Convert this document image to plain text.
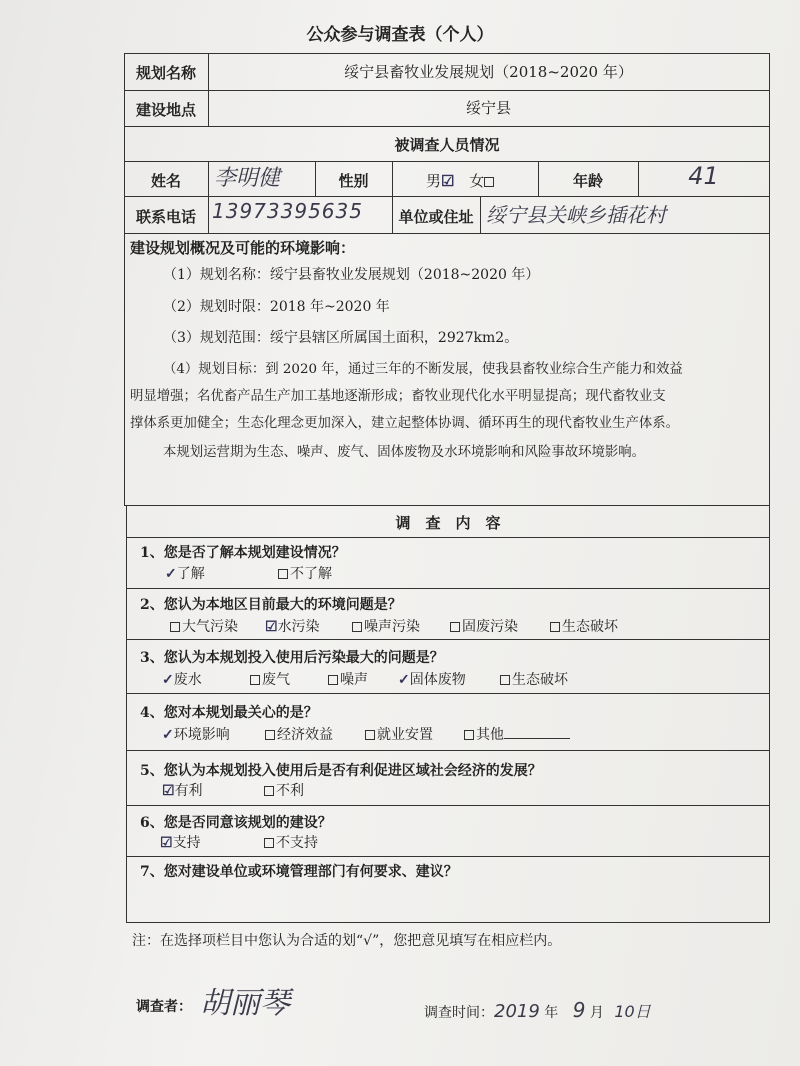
公众参与调查表（个人）
规划名称	绥宁县畜牧业发展规划（2018~2020 年）
建设地点	绥宁县
被调查人员情况
姓名	李明健	性别	男☑ 女	年龄	41
联系电话 13973395635	单位或住址 绥宁县关峡乡插花村
建设规划概况及可能的环境影响：
（1）规划名称：绥宁县畜牧业发展规划（2018~2020 年）
（2）规划时限：2018 年~2020 年
（3）规划范围：绥宁县辖区所属国土面积，2927km2。
（4）规划目标：到 2020 年，通过三年的不断发展，使我县畜牧业综合生产能力和效益
明显增强；名优畜产品生产加工基地逐渐形成；畜牧业现代化水平明显提高；现代畜牧业支
撑体系更加健全；生态化理念更加深入，建立起整体协调、循环再生的现代畜牧业生产体系。
本规划运营期为生态、噪声、废气、固体废物及水环境影响和风险事故环境影响。
调　查　内　容
1、您是否了解本规划建设情况？
✓了解	不了解
2、您认为本地区目前最大的环境问题是？
大气污染 ☑水污染	噪声污染	固废污染	生态破坏
3、您认为本规划投入使用后污染最大的问题是？
✓废水	废气	噪声 ✓固体废物	生态破坏
4、您对本规划最关心的是？
✓环境影响	经济效益	就业安置	其他
5、您认为本规划投入使用后是否有利促进区域社会经济的发展？
☑有利	不利
6、您是否同意该规划的建设？
☑支持	不支持
7、您对建设单位或环境管理部门有何要求、建议？
注：在选择项栏目中您认为合适的划“√”，您把意见填写在相应栏内。
调查者： 胡丽琴	调查时间：2019 年 9 月 10日
